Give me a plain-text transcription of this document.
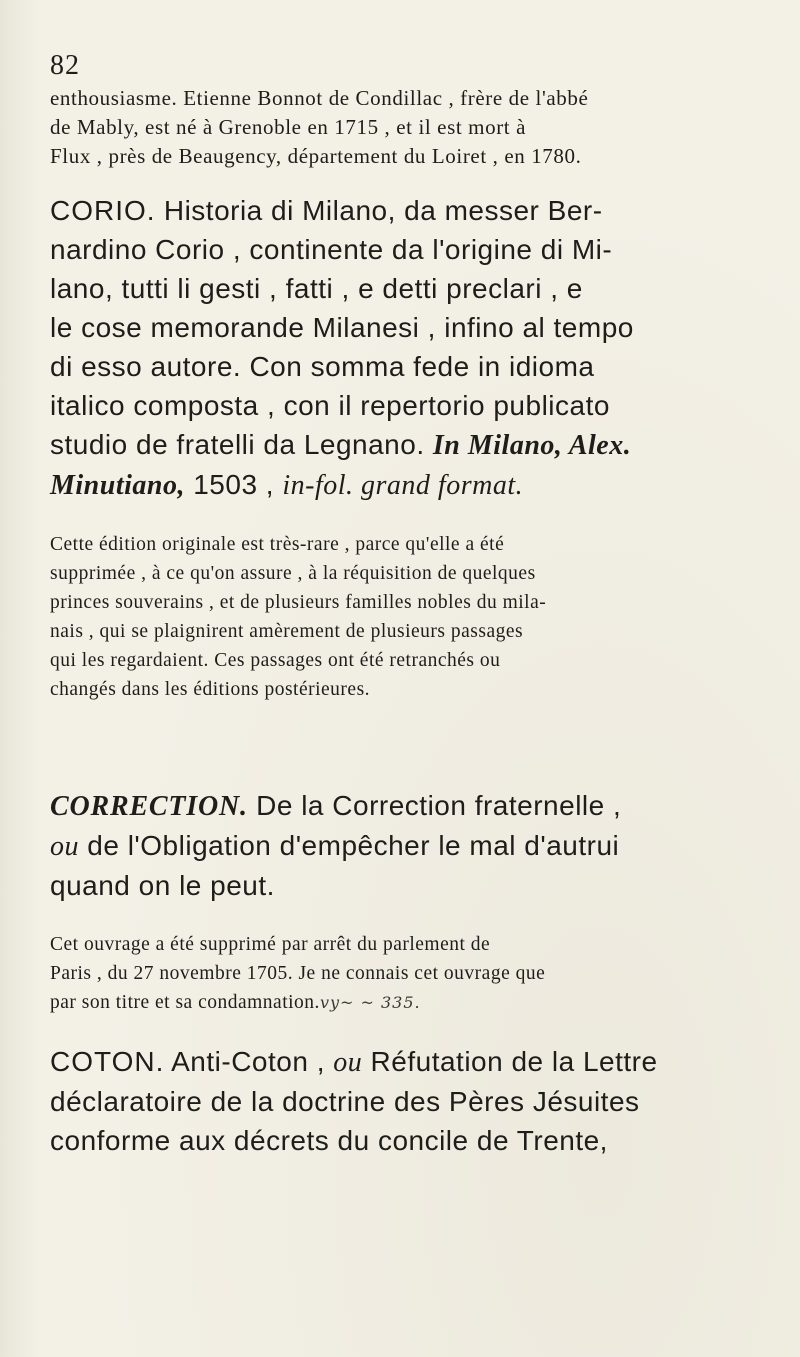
82
enthousiasme. Etienne Bonnot de Condillac , frère de l'abbé
de Mably, est né à Grenoble en 1715 , et il est mort à
Flux , près de Beaugency, département du Loiret , en 1780.
CORIO. Historia di Milano, da messer Ber-
nardino Corio , continente da l'origine di Mi-
lano, tutti li gesti , fatti , e detti preclari , e
le cose memorande Milanesi , infino al tempo
di esso autore. Con somma fede in idioma
italico composta , con il repertorio publicato
studio de fratelli da Legnano. In Milano, Alex.
Minutiano, 1503 , in-fol. grand format.
Cette édition originale est très-rare , parce qu'elle a été
supprimée , à ce qu'on assure , à la réquisition de quelques
princes souverains , et de plusieurs familles nobles du mila-
nais , qui se plaignirent amèrement de plusieurs passages
qui les regardaient. Ces passages ont été retranchés ou
changés dans les éditions postérieures.
CORRECTION. De la Correction fraternelle ,
ou de l'Obligation d'empêcher le mal d'autrui
quand on le peut.
Cet ouvrage a été supprimé par arrêt du parlement de
Paris , du 27 novembre 1705. Je ne connais cet ouvrage que
par son titre et sa condamnation.vy~ ~ 335.
COTON. Anti-Coton , ou Réfutation de la Lettre
déclaratoire de la doctrine des Pères Jésuites
conforme aux décrets du concile de Trente,
